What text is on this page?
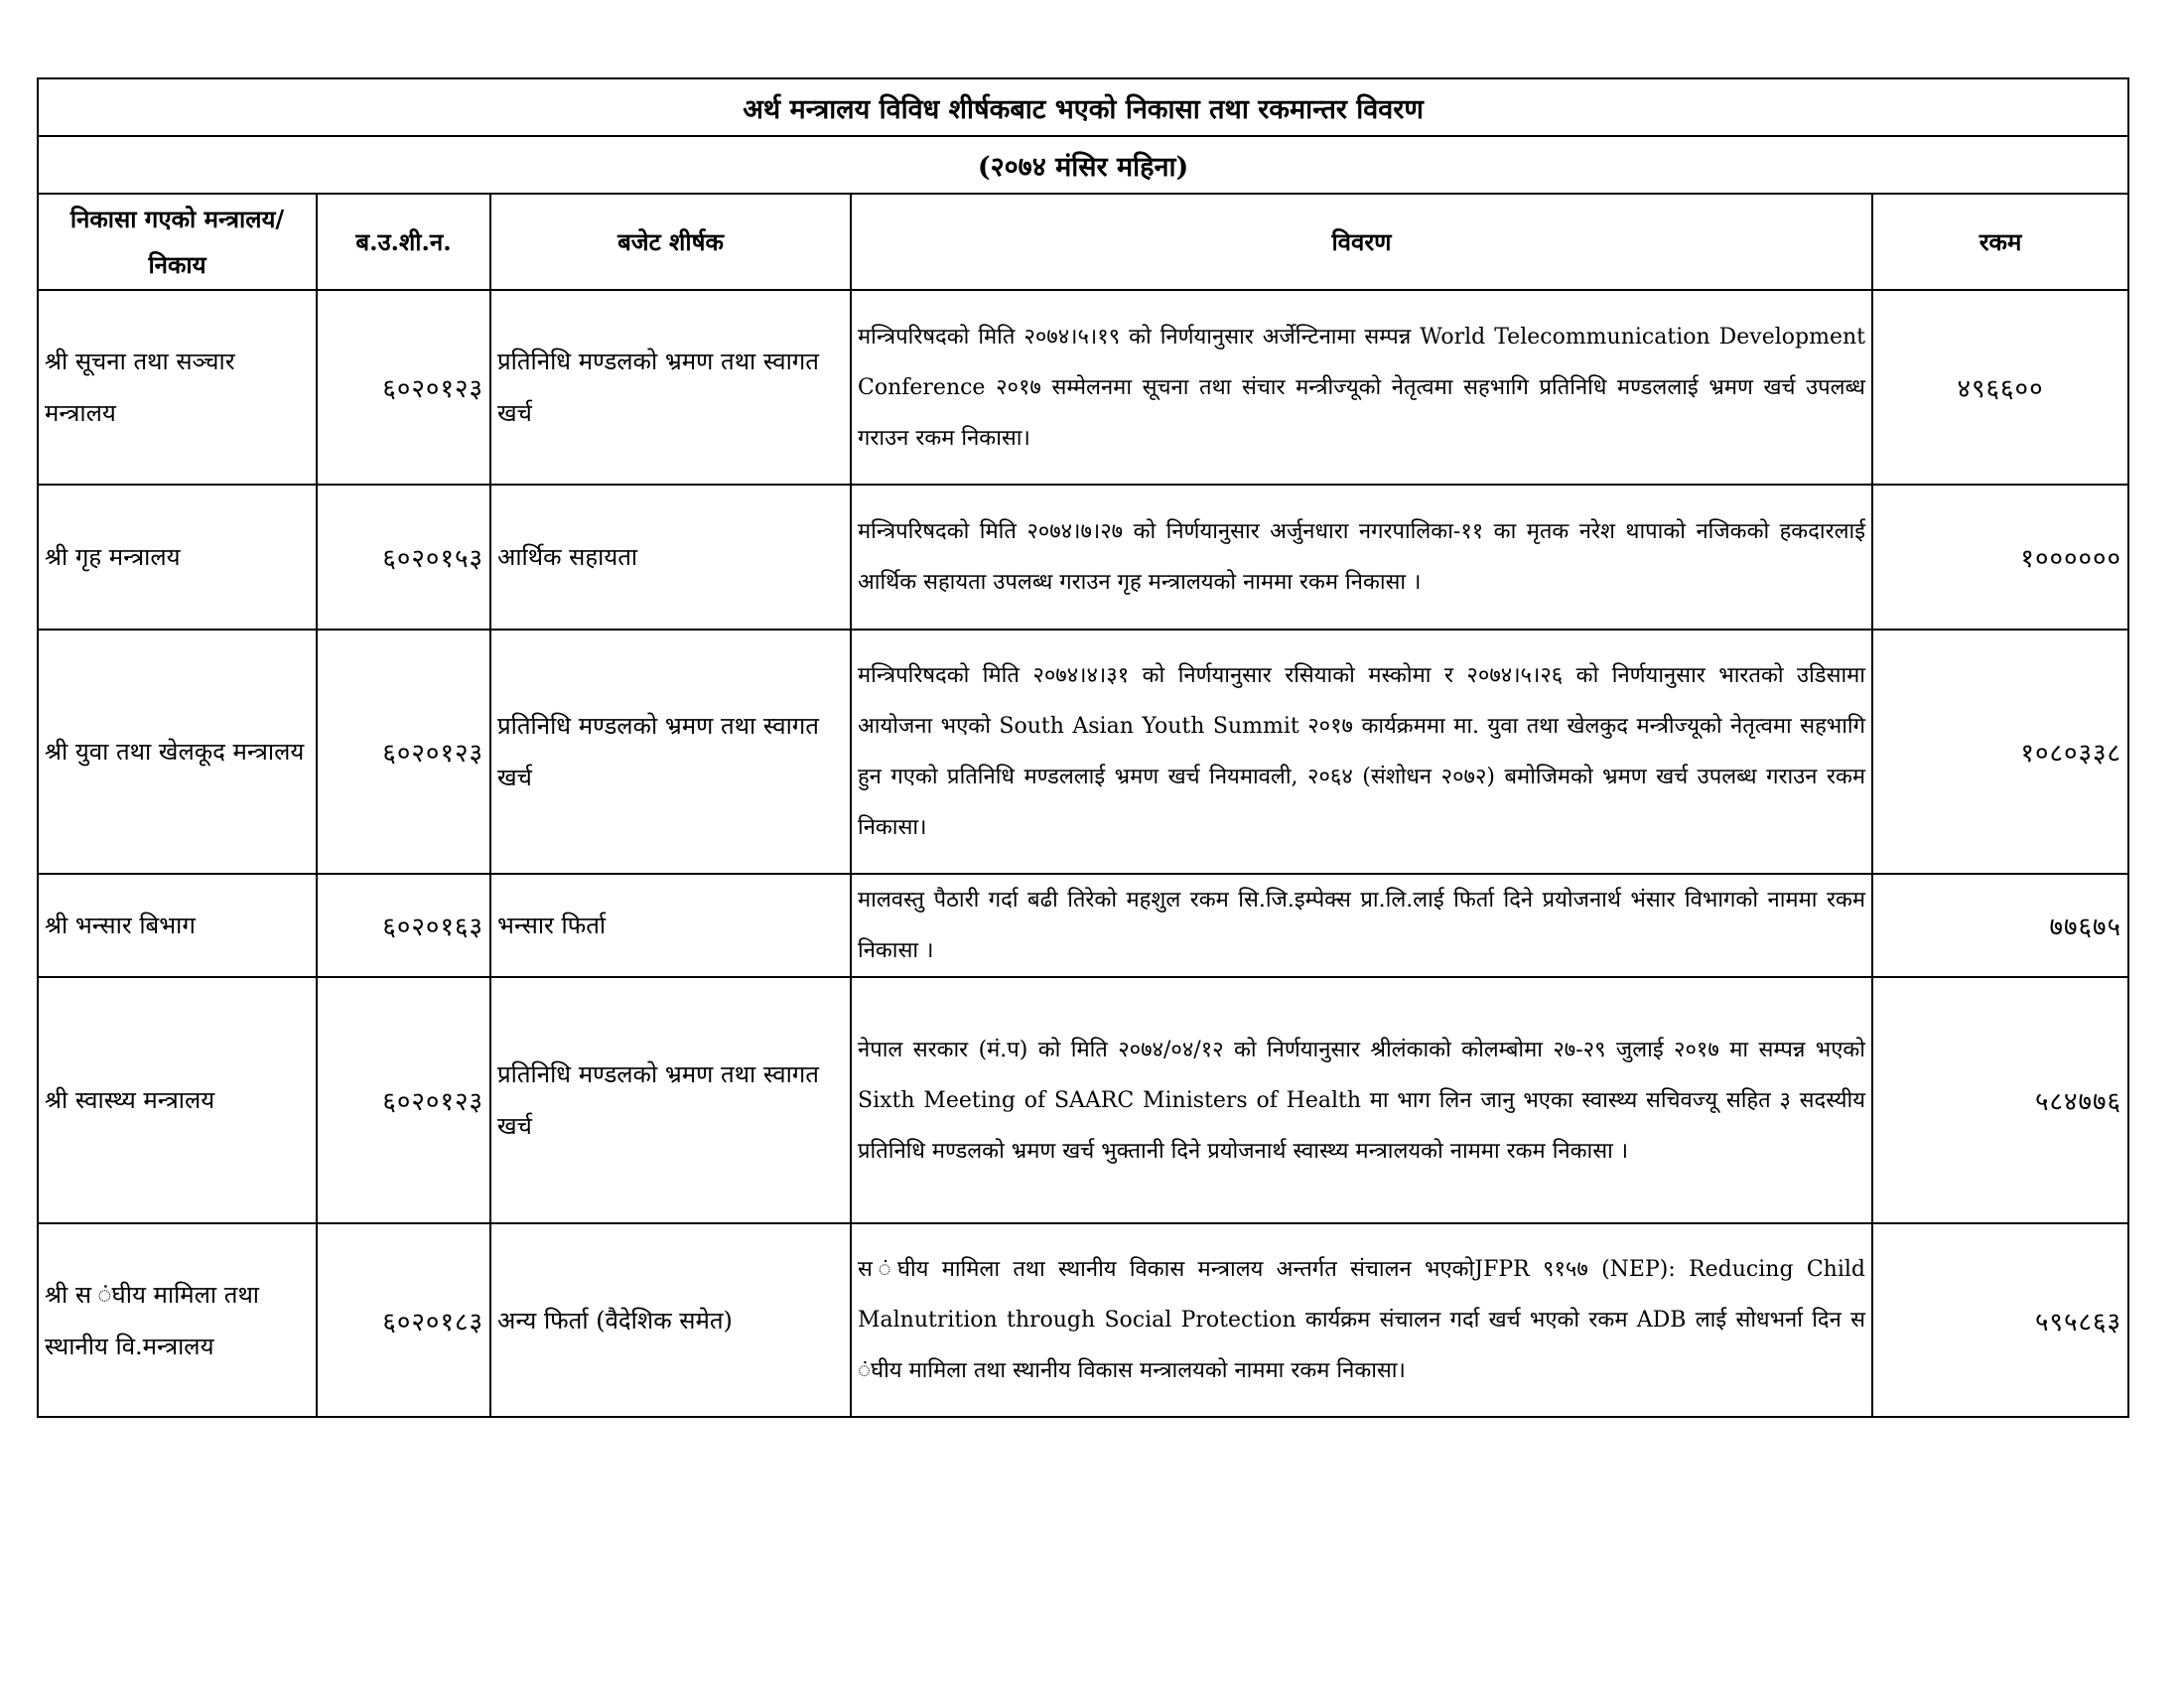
अर्थ मन्त्रालय विविध शीर्षकबाट भएको निकासा तथा रकमान्तर विवरण				
(२०७४ मंसिर महिना)				
निकासा गएको मन्त्रालय/निकाय	ब.उ.शी.न.	बजेट शीर्षक	विवरण	रकम
श्री सूचना तथा सञ्चार मन्त्रालय	६०२०१२३	प्रतिनिधि मण्डलको भ्रमण तथा स्वागत खर्च	मन्त्रिपरिषदको मिति २०७४।५।१९ को निर्णयानुसार अर्जेन्टिनामा सम्पन्न World Telecommunication Development Conference २०१७ सम्मेलनमा सूचना तथा संचार मन्त्रीज्यूको नेतृत्वमा सहभागि प्रतिनिधि मण्डललाई भ्रमण खर्च उपलब्ध गराउन रकम निकासा।	४९६६००
श्री गृह मन्त्रालय	६०२०१५३	आर्थिक सहायता	मन्त्रिपरिषदको मिति २०७४।७।२७ को निर्णयानुसार अर्जुनधारा नगरपालिका-११ का मृतक नरेश थापाको नजिकको हकदारलाई आर्थिक सहायता उपलब्ध गराउन गृह मन्त्रालयको नाममा रकम निकासा ।	१००००००
श्री युवा तथा खेलकूद मन्त्रालय	६०२०१२३	प्रतिनिधि मण्डलको भ्रमण तथा स्वागत खर्च	मन्त्रिपरिषदको मिति २०७४।४।३१ को निर्णयानुसार रसियाको मस्कोमा र २०७४।५।२६ को निर्णयानुसार भारतको उडिसामा आयोजना भएको South Asian Youth Summit २०१७ कार्यक्रममा मा. युवा तथा खेलकुद मन्त्रीज्यूको नेतृत्वमा सहभागि हुन गएको प्रतिनिधि मण्डललाई भ्रमण खर्च नियमावली, २०६४ (संशोधन २०७२) बमोजिमको भ्रमण खर्च उपलब्ध गराउन रकम निकासा।	१०८०३३८
श्री भन्सार बिभाग	६०२०१६३	भन्सार फिर्ता	मालवस्तु पैठारी गर्दा बढी तिरेको महशुल रकम सि.जि.इम्पेक्स प्रा.लि.लाई फिर्ता दिने प्रयोजनार्थ भंसार विभागको नाममा रकम निकासा ।	७७६७५
श्री स्वास्थ्य मन्त्रालय	६०२०१२३	प्रतिनिधि मण्डलको भ्रमण तथा स्वागत खर्च	नेपाल सरकार (मं.प) को मिति २०७४/०४/१२ को निर्णयानुसार श्रीलंकाको कोलम्बोमा २७-२९ जुलाई २०१७ मा सम्पन्न भएको Sixth Meeting of SAARC Ministers of Health मा भाग लिन जानु भएका स्वास्थ्य सचिवज्यू सहित ३ सदस्यीय प्रतिनिधि मण्डलको भ्रमण खर्च भुक्तानी दिने प्रयोजनार्थ स्वास्थ्य मन्त्रालयको नाममा रकम निकासा ।	५८४७७६
श्री स ंघीय मामिला तथा स्थानीय वि.मन्त्रालय	६०२०१८३	अन्य फिर्ता (वैदेशिक समेत)	स ंघीय मामिला तथा स्थानीय विकास मन्त्रालय अन्तर्गत संचालन भएकोJFPR ९१५७ (NEP): Reducing Child Malnutrition through Social Protection कार्यक्रम संचालन गर्दा खर्च भएको रकम ADB लाई सोधभर्ना दिन स ंघीय मामिला तथा स्थानीय विकास मन्त्रालयको नाममा रकम निकासा।	५९५८६३
